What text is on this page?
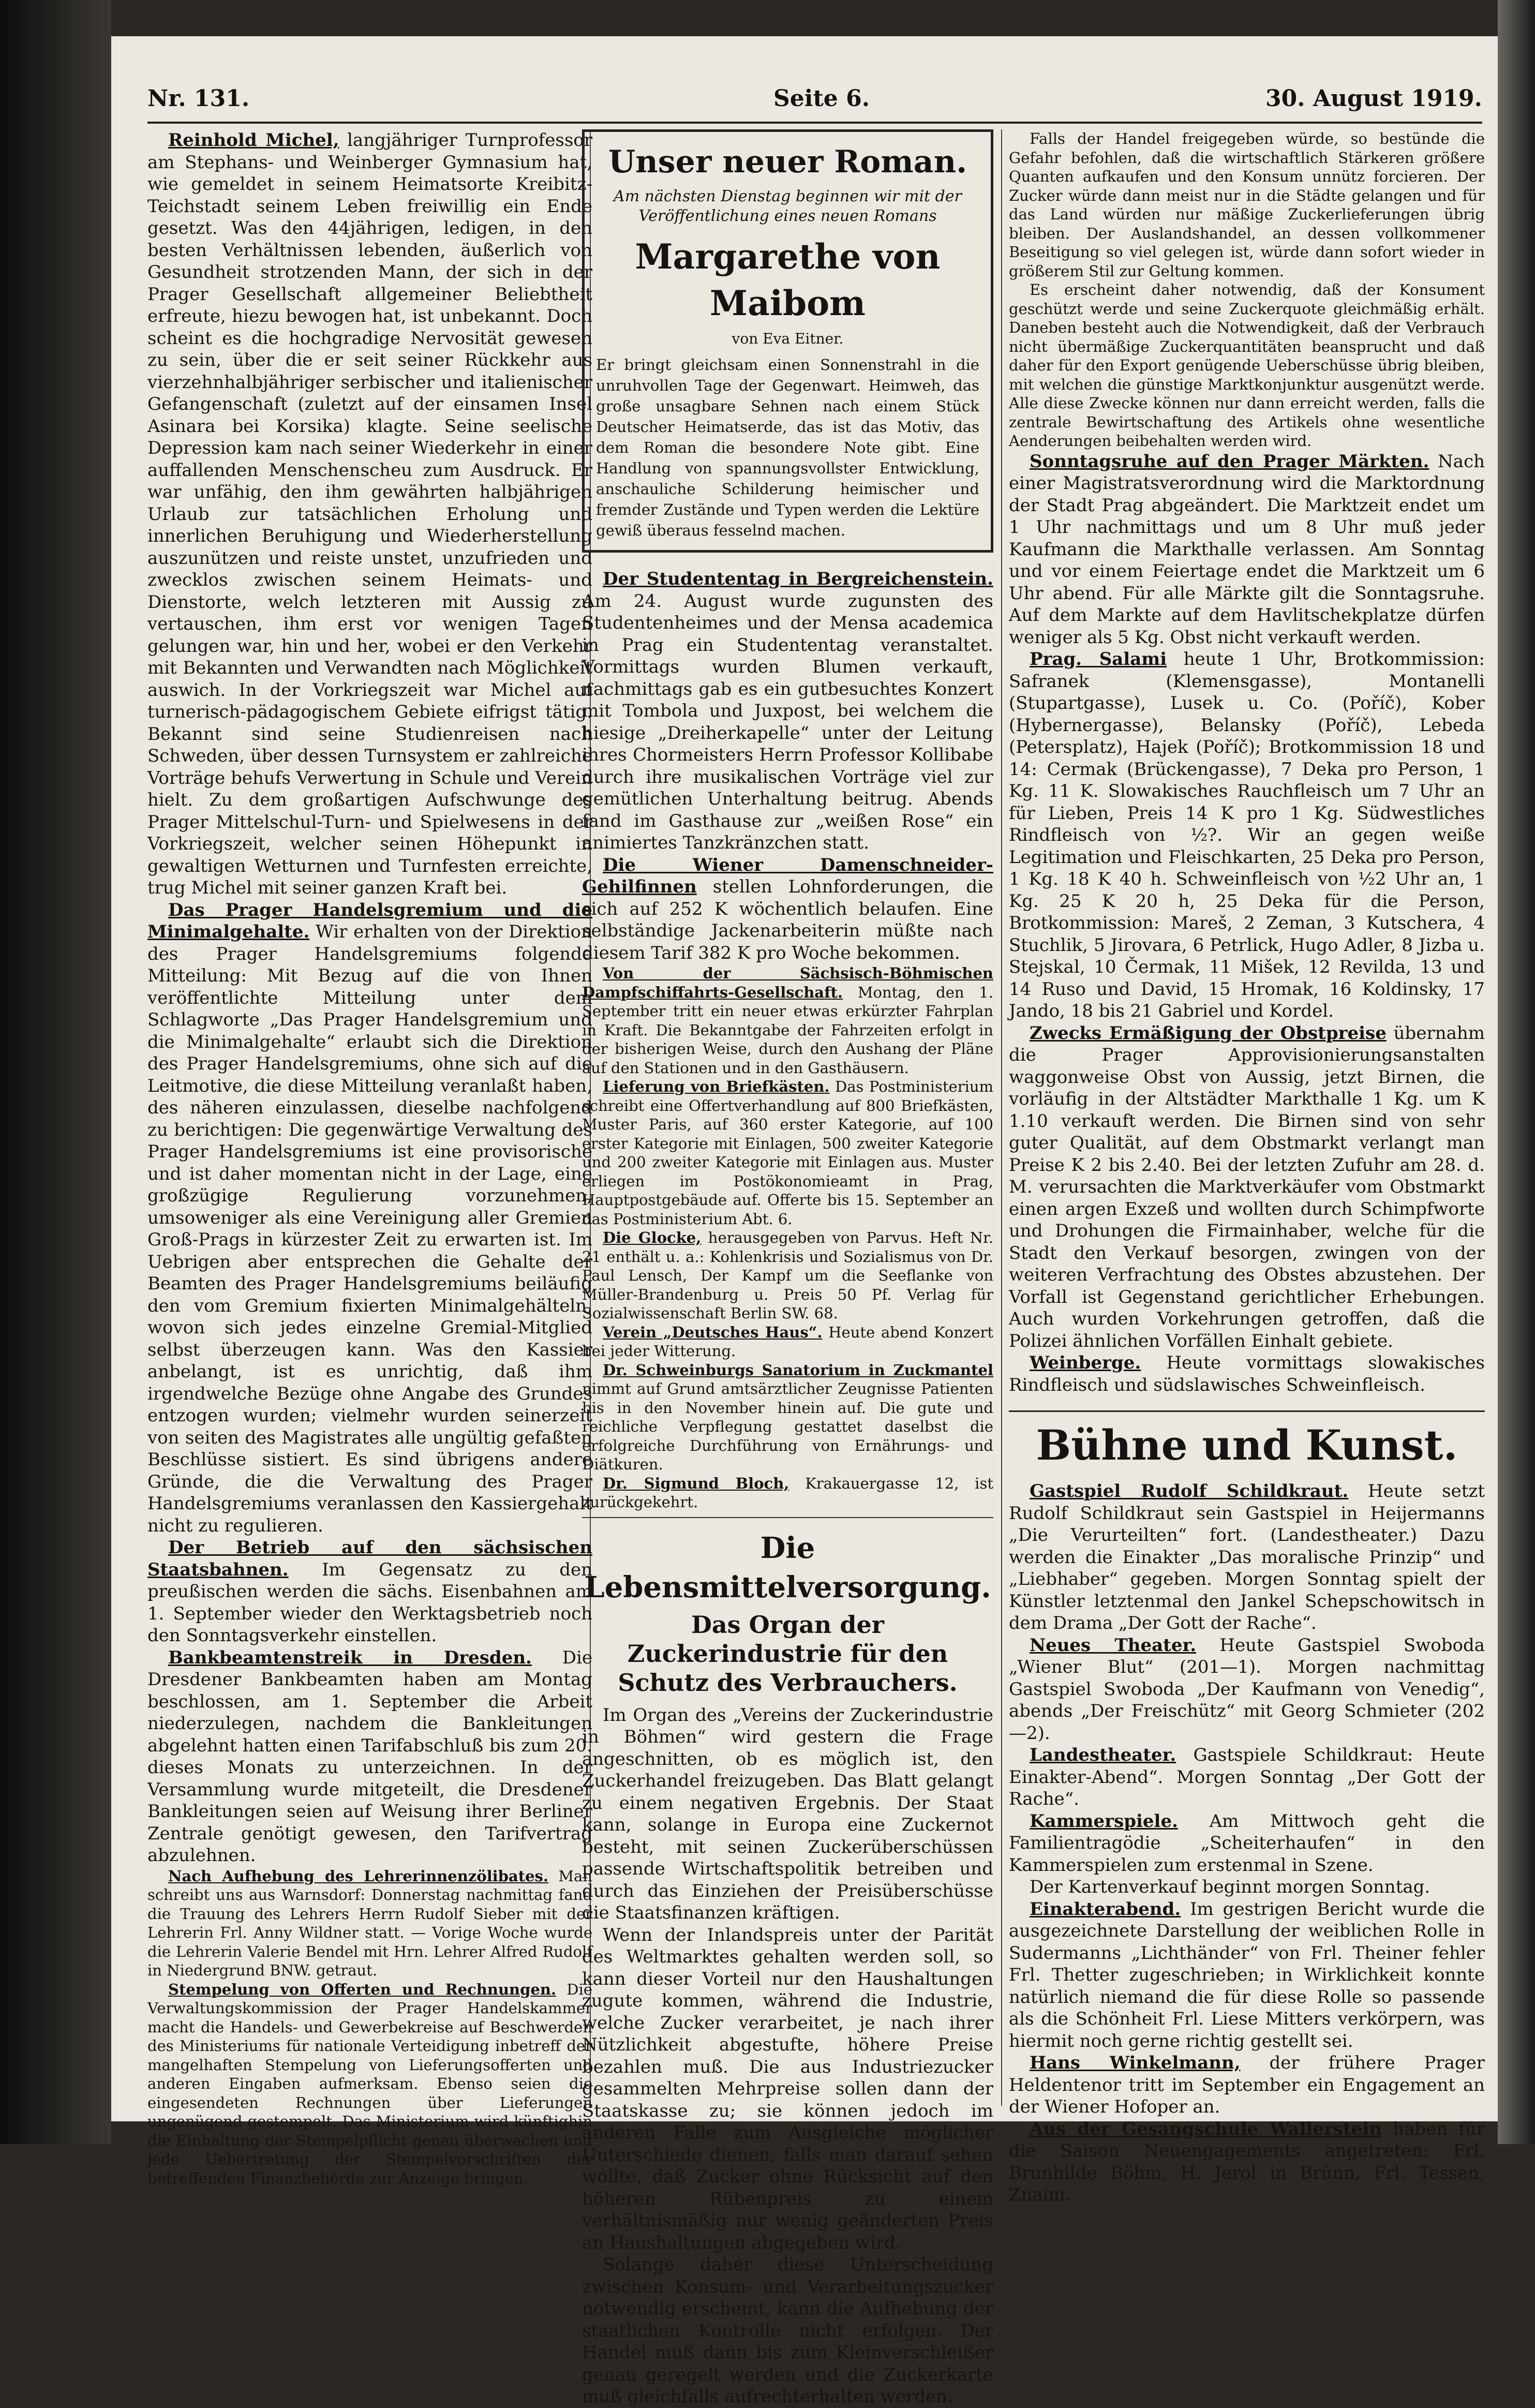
Nr. 131.	Seite 6.	30. August 1919.

Reinhold Michel, langjähriger Turnprofessor am Stephans- und Weinberger Gymnasium hat, wie gemeldet in seinem Heimatsorte Kreibitz-Teichstadt seinem Leben freiwillig ein Ende gesetzt. Was den 44jährigen, ledigen, in den besten Verhältnissen lebenden, äußerlich von Gesundheit strotzenden Mann, der sich in der Prager Gesellschaft allgemeiner Beliebtheit erfreute, hiezu bewogen hat, ist unbekannt. Doch scheint es die hochgradige Nervosität gewesen zu sein, über die er seit seiner Rückkehr aus vierzehnhalbjähriger serbischer und italienischer Gefangenschaft (zuletzt auf der einsamen Insel Asinara bei Korsika) klagte. Seine seelische Depression kam nach seiner Wiederkehr in einer auffallenden Menschenscheu zum Ausdruck. Er war unfähig, den ihm gewährten halbjährigen Urlaub zur tatsächlichen Erholung und innerlichen Beruhigung und Wiederherstellung auszunützen und reiste unstet, unzufrieden und zwecklos zwischen seinem Heimats- und Dienstorte, welch letzteren mit Aussig zu vertauschen, ihm erst vor wenigen Tagen gelungen war, hin und her, wobei er den Verkehr mit Bekannten und Verwandten nach Möglichkeit auswich. In der Vorkriegszeit war Michel auf turnerisch-pädagogischem Gebiete eifrigst tätig. Bekannt sind seine Studienreisen nach Schweden, über dessen Turnsystem er zahlreiche Vorträge behufs Verwertung in Schule und Verein hielt. Zu dem großartigen Aufschwunge des Prager Mittelschul-Turn- und Spielwesens in der Vorkriegszeit, welcher seinen Höhepunkt in gewaltigen Wetturnen und Turnfesten erreichte, trug Michel mit seiner ganzen Kraft bei.

Das Prager Handelsgremium und die Minimalgehalte. Wir erhalten von der Direktion des Prager Handelsgremiums folgende Mitteilung: Mit Bezug auf die von Ihnen veröffentlichte Mitteilung unter dem Schlagworte „Das Prager Handelsgremium und die Minimalgehalte“ erlaubt sich die Direktion des Prager Handelsgremiums, ohne sich auf die Leitmotive, die diese Mitteilung veranlaßt haben, des näheren einzulassen, dieselbe nachfolgend zu berichtigen: Die gegenwärtige Verwaltung des Prager Handelsgremiums ist eine provisorische und ist daher momentan nicht in der Lage, eine großzügige Regulierung vorzunehmen, umsoweniger als eine Vereinigung aller Gremien Groß-Prags in kürzester Zeit zu erwarten ist. Im Uebrigen aber entsprechen die Gehalte der Beamten des Prager Handelsgremiums beiläufig den vom Gremium fixierten Minimalgehälteln, wovon sich jedes einzelne Gremial-Mitglied selbst überzeugen kann. Was den Kassier anbelangt, ist es unrichtig, daß ihm irgendwelche Bezüge ohne Angabe des Grundes entzogen wurden; vielmehr wurden seinerzeit von seiten des Magistrates alle ungültig gefaßten Beschlüsse sistiert. Es sind übrigens andere Gründe, die die Verwaltung des Prager Handelsgremiums veranlassen den Kassiergehalt nicht zu regulieren.

Der Betrieb auf den sächsischen Staatsbahnen. Im Gegensatz zu den preußischen werden die sächs. Eisenbahnen am 1. September wieder den Werktagsbetrieb noch den Sonntagsverkehr einstellen.

Bankbeamtenstreik in Dresden. Die Dresdener Bankbeamten haben am Montag beschlossen, am 1. September die Arbeit niederzulegen, nachdem die Bankleitungen abgelehnt hatten einen Tarifabschluß bis zum 20. dieses Monats zu unterzeichnen. In der Versammlung wurde mitgeteilt, die Dresdener Bankleitungen seien auf Weisung ihrer Berliner Zentrale genötigt gewesen, den Tarifvertrag abzulehnen.

Nach Aufhebung des Lehrerinnenzölibates. Man schreibt uns aus Warnsdorf: Donnerstag nachmittag fand die Trauung des Lehrers Herrn Rudolf Sieber mit der Lehrerin Frl. Anny Wildner statt. — Vorige Woche wurde die Lehrerin Valerie Bendel mit Hrn. Lehrer Alfred Rudolf in Niedergrund BNW. getraut.

Stempelung von Offerten und Rechnungen. Die Verwaltungskommission der Prager Handelskammer macht die Handels- und Gewerbekreise auf Beschwerden des Ministeriums für nationale Verteidigung inbetreff der mangelhaften Stempelung von Lieferungsofferten und anderen Eingaben aufmerksam. Ebenso seien die eingesendeten Rechnungen über Lieferungen ungenügend gestempelt. Das Ministerium wird künftighin die Einhaltung der Stempelpflicht genau überwachen und jede Uebertretung der Stempelvorschriften der betreffenden Finanzbehörde zur Anzeige bringen.

Unser neuer Roman.
Am nächsten Dienstag beginnen wir mit der Veröffentlichung eines neuen Romans
Margarethe von Maibom
von Eva Eitner.
Er bringt gleichsam einen Sonnenstrahl in die unruhvollen Tage der Gegenwart. Heimweh, das große unsagbare Sehnen nach einem Stück Deutscher Heimatserde, das ist das Motiv, das dem Roman die besondere Note gibt. Eine Handlung von spannungsvollster Entwicklung, anschauliche Schilderung heimischer und fremder Zustände und Typen werden die Lektüre gewiß überaus fesselnd machen.

Der Studententag in Bergreichenstein. Am 24. August wurde zugunsten des Studentenheimes und der Mensa academica in Prag ein Studententag veranstaltet. Vormittags wurden Blumen verkauft, nachmittags gab es ein gutbesuchtes Konzert mit Tombola und Juxpost, bei welchem die hiesige „Dreiherkapelle“ unter der Leitung ihres Chormeisters Herrn Professor Kollibabe durch ihre musikalischen Vorträge viel zur gemütlichen Unterhaltung beitrug. Abends fand im Gasthause zur „weißen Rose“ ein animiertes Tanzkränzchen statt.

Die Wiener Damenschneider-Gehilfinnen stellen Lohnforderungen, die sich auf 252 K wöchentlich belaufen. Eine selbständige Jackenarbeiterin müßte nach diesem Tarif 382 K pro Woche bekommen.

Von der Sächsisch-Böhmischen Dampfschiffahrts-Gesellschaft. Montag, den 1. September tritt ein neuer etwas erkürzter Fahrplan in Kraft. Die Bekanntgabe der Fahrzeiten erfolgt in der bisherigen Weise, durch den Aushang der Pläne auf den Stationen und in den Gasthäusern.

Lieferung von Briefkästen. Das Postministerium schreibt eine Offertverhandlung auf 800 Briefkästen, Muster Paris, auf 360 erster Kategorie, auf 100 erster Kategorie mit Einlagen, 500 zweiter Kategorie und 200 zweiter Kategorie mit Einlagen aus. Muster erliegen im Postökonomieamt in Prag, Hauptpostgebäude auf. Offerte bis 15. September an das Postministerium Abt. 6.

Die Glocke, herausgegeben von Parvus. Heft Nr. 21 enthält u. a.: Kohlenkrisis und Sozialismus von Dr. Paul Lensch, Der Kampf um die Seeflanke von Müller-Brandenburg u. Preis 50 Pf. Verlag für Sozialwissenschaft Berlin SW. 68.

Verein „Deutsches Haus“. Heute abend Konzert bei jeder Witterung.

Dr. Schweinburgs Sanatorium in Zuckmantel nimmt auf Grund amtsärztlicher Zeugnisse Patienten bis in den November hinein auf. Die gute und reichliche Verpflegung gestattet daselbst die erfolgreiche Durchführung von Ernährungs- und Diätkuren.

Dr. Sigmund Bloch, Krakauergasse 12, ist zurückgekehrt.

Die Lebensmittelversorgung.
Das Organ der Zuckerindustrie für den Schutz des Verbrauchers.

Im Organ des „Vereins der Zuckerindustrie in Böhmen“ wird gestern die Frage angeschnitten, ob es möglich ist, den Zuckerhandel freizugeben. Das Blatt gelangt zu einem negativen Ergebnis. Der Staat kann, solange in Europa eine Zuckernot besteht, mit seinen Zuckerüberschüssen passende Wirtschaftspolitik betreiben und durch das Einziehen der Preisüberschüsse die Staatsfinanzen kräftigen.

Wenn der Inlandspreis unter der Parität des Weltmarktes gehalten werden soll, so kann dieser Vorteil nur den Haushaltungen zugute kommen, während die Industrie, welche Zucker verarbeitet, je nach ihrer Nützlichkeit abgestufte, höhere Preise bezahlen muß. Die aus Industriezucker gesammelten Mehrpreise sollen dann der Staatskasse zu; sie können jedoch im anderen Falle zum Ausgleiche möglicher Unterschiede dienen, falls man darauf sehen wollte, daß Zucker ohne Rücksicht auf den höheren Rübenpreis zu einem verhältnismäßig nur wenig geänderten Preis an Haushaltungen abgegeben wird.

Solange daher diese Unterscheidung zwischen Konsum- und Verarbeitungszucker notwendig erscheint, kann die Aufhebung der staatlichen Kontrolle nicht erfolgen. Der Handel muß dann bis zum Kleinverschleißer genau geregelt werden und die Zuckerkarte muß gleichfalls aufrechterhalten werden.

Falls der Handel freigegeben würde, so bestünde die Gefahr befohlen, daß die wirtschaftlich Stärkeren größere Quanten aufkaufen und den Konsum unnütz forcieren. Der Zucker würde dann meist nur in die Städte gelangen und für das Land würden nur mäßige Zuckerlieferungen übrig bleiben. Der Auslandshandel, an dessen vollkommener Beseitigung so viel gelegen ist, würde dann sofort wieder in größerem Stil zur Geltung kommen.

Es erscheint daher notwendig, daß der Konsument geschützt werde und seine Zuckerquote gleichmäßig erhält. Daneben besteht auch die Notwendigkeit, daß der Verbrauch nicht übermäßige Zuckerquantitäten beansprucht und daß daher für den Export genügende Ueberschüsse übrig bleiben, mit welchen die günstige Marktkonjunktur ausgenützt werde. Alle diese Zwecke können nur dann erreicht werden, falls die zentrale Bewirtschaftung des Artikels ohne wesentliche Aenderungen beibehalten werden wird.

Sonntagsruhe auf den Prager Märkten. Nach einer Magistratsverordnung wird die Marktordnung der Stadt Prag abgeändert. Die Marktzeit endet um 1 Uhr nachmittags und um 8 Uhr muß jeder Kaufmann die Markthalle verlassen. Am Sonntag und vor einem Feiertage endet die Marktzeit um 6 Uhr abend. Für alle Märkte gilt die Sonntagsruhe. Auf dem Markte auf dem Havlitschekplatze dürfen weniger als 5 Kg. Obst nicht verkauft werden.

Prag. Salami heute 1 Uhr, Brotkommission: Safranek (Klemensgasse), Montanelli (Stupartgasse), Lusek u. Co. (Poříč), Kober (Hybernergasse), Belansky (Poříč), Lebeda (Petersplatz), Hajek (Poříč); Brotkommission 18 und 14: Cermak (Brückengasse), 7 Deka pro Person, 1 Kg. 11 K. Slowakisches Rauchfleisch um 7 Uhr an für Lieben, Preis 14 K pro 1 Kg. Südwestliches Rindfleisch von ½?. Wir an gegen weiße Legitimation und Fleischkarten, 25 Deka pro Person, 1 Kg. 18 K 40 h. Schweinfleisch von ½2 Uhr an, 1 Kg. 25 K 20 h, 25 Deka für die Person, Brotkommission: Mareš, 2 Zeman, 3 Kutschera, 4 Stuchlik, 5 Jirovara, 6 Petrlick, Hugo Adler, 8 Jizba u. Stejskal, 10 Čermak, 11 Mišek, 12 Revilda, 13 und 14 Ruso und David, 15 Hromak, 16 Koldinsky, 17 Jando, 18 bis 21 Gabriel und Kordel.

Zwecks Ermäßigung der Obstpreise übernahm die Prager Approvisionierungsanstalten waggonweise Obst von Aussig, jetzt Birnen, die vorläufig in der Altstädter Markthalle 1 Kg. um K 1.10 verkauft werden. Die Birnen sind von sehr guter Qualität, auf dem Obstmarkt verlangt man Preise K 2 bis 2.40. Bei der letzten Zufuhr am 28. d. M. verursachten die Marktverkäufer vom Obstmarkt einen argen Exzeß und wollten durch Schimpfworte und Drohungen die Firmainhaber, welche für die Stadt den Verkauf besorgen, zwingen von der weiteren Verfrachtung des Obstes abzustehen. Der Vorfall ist Gegenstand gerichtlicher Erhebungen. Auch wurden Vorkehrungen getroffen, daß die Polizei ähnlichen Vorfällen Einhalt gebiete.

Weinberge. Heute vormittags slowakisches Rindfleisch und südslawisches Schweinfleisch.

Bühne und Kunst.

Gastspiel Rudolf Schildkraut. Heute setzt Rudolf Schildkraut sein Gastspiel in Heijermanns „Die Verurteilten“ fort. (Landestheater.) Dazu werden die Einakter „Das moralische Prinzip“ und „Liebhaber“ gegeben. Morgen Sonntag spielt der Künstler letztenmal den Jankel Schepschowitsch in dem Drama „Der Gott der Rache“.

Neues Theater. Heute Gastspiel Swoboda „Wiener Blut“ (201—1). Morgen nachmittag Gastspiel Swoboda „Der Kaufmann von Venedig“, abends „Der Freischütz“ mit Georg Schmieter (202—2).

Landestheater. Gastspiele Schildkraut: Heute Einakter-Abend“. Morgen Sonntag „Der Gott der Rache“.

Kammerspiele. Am Mittwoch geht die Familientragödie „Scheiterhaufen“ in den Kammerspielen zum erstenmal in Szene.

Der Kartenverkauf beginnt morgen Sonntag.

Einakterabend. Im gestrigen Bericht wurde die ausgezeichnete Darstellung der weiblichen Rolle in Sudermanns „Lichthänder“ von Frl. Theiner fehler Frl. Thetter zugeschrieben; in Wirklichkeit konnte natürlich niemand die für diese Rolle so passende als die Schönheit Frl. Liese Mitters verkörpern, was hiermit noch gerne richtig gestellt sei.

Hans Winkelmann, der frühere Prager Heldentenor tritt im September ein Engagement an der Wiener Hofoper an.

Aus der Gesangschule Wallerstein haben für die Saison Neuengagements angetreten: Frl. Brunhilde Böhm, H. Jerol in Brünn, Frl. Tessen, Znaim.
